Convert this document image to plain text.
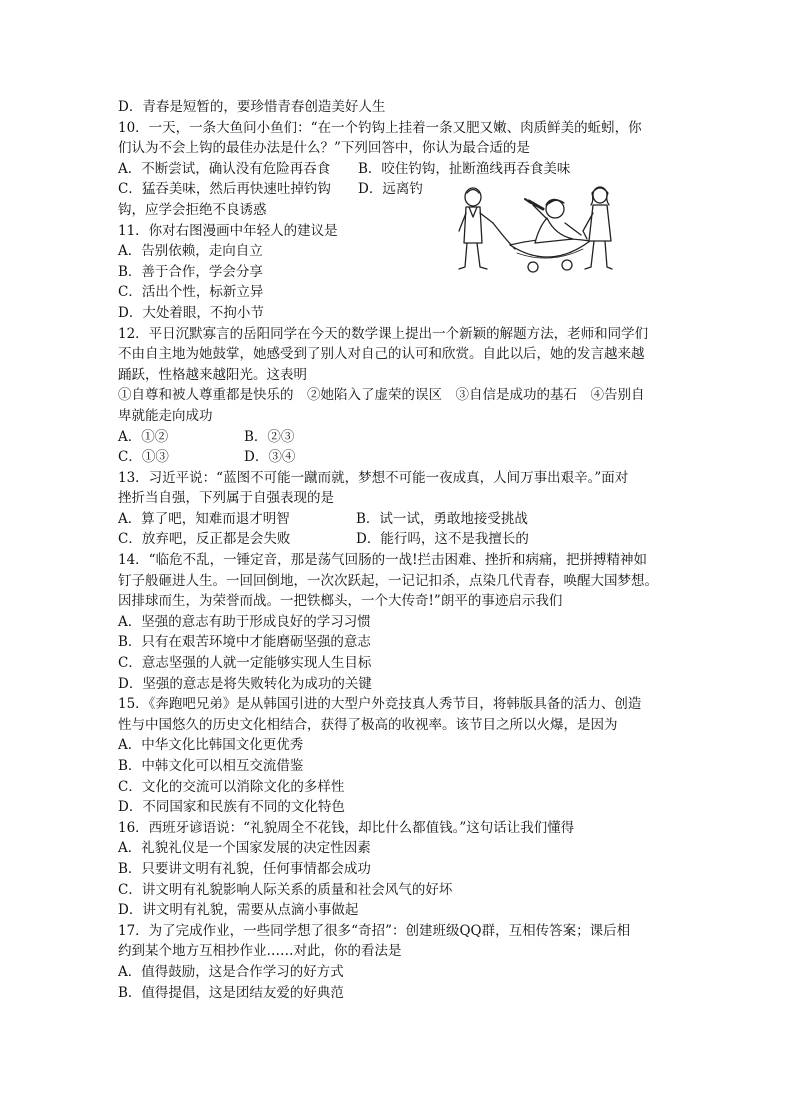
D．青春是短暂的，要珍惜青春创造美好人生
10．一天，一条大鱼问小鱼们：“在一个钓钩上挂着一条又肥又嫩、肉质鲜美的蚯蚓，你
们认为不会上钩的最佳办法是什么？”下列回答中，你认为最合适的是
A．不断尝试，确认没有危险再吞食	B．咬住钓钩，扯断渔线再吞食美味
C．猛吞美味，然后再快速吐掉钓钩	D．远离钓
钩，应学会拒绝不良诱惑
11．你对右图漫画中年轻人的建议是
A．告别依赖，走向自立
B．善于合作，学会分享
C．活出个性，标新立异
D．大处着眼，不拘小节
12．平日沉默寡言的岳阳同学在今天的数学课上提出一个新颖的解题方法，老师和同学们
不由自主地为她鼓掌，她感受到了别人对自己的认可和欣赏。自此以后，她的发言越来越
踊跃，性格越来越阳光。这表明
①自尊和被人尊重都是快乐的　②她陷入了虚荣的误区　③自信是成功的基石　④告别自
卑就能走向成功
A．①②	B．②③
C．①③	D．③④
13．习近平说：“蓝图不可能一蹴而就，梦想不可能一夜成真，人间万事出艰辛。”面对
挫折当自强，下列属于自强表现的是
A．算了吧，知难而退才明智	B．试一试，勇敢地接受挑战
C．放弃吧，反正都是会失败	D．能行吗，这不是我擅长的
14．“临危不乱，一锤定音，那是荡气回肠的一战!拦击困难、挫折和病痛，把拼搏精神如
钉子般砸进人生。一回回倒地，一次次跃起，一记记扣杀，点染几代青春，唤醒大国梦想。
因排球而生，为荣誉而战。一把铁榔头，一个大传奇!”朗平的事迹启示我们
A．坚强的意志有助于形成良好的学习习惯
B．只有在艰苦环境中才能磨砺坚强的意志
C．意志坚强的人就一定能够实现人生目标
D．坚强的意志是将失败转化为成功的关键
15．《奔跑吧兄弟》是从韩国引进的大型户外竞技真人秀节目，将韩版具备的活力、创造
性与中国悠久的历史文化相结合，获得了极高的收视率。该节目之所以火爆，是因为
A．中华文化比韩国文化更优秀
B．中韩文化可以相互交流借鉴
C．文化的交流可以消除文化的多样性
D．不同国家和民族有不同的文化特色
16．西班牙谚语说：“礼貌周全不花钱，却比什么都值钱。”这句话让我们懂得
A．礼貌礼仪是一个国家发展的决定性因素
B．只要讲文明有礼貌，任何事情都会成功
C．讲文明有礼貌影响人际关系的质量和社会风气的好坏
D．讲文明有礼貌，需要从点滴小事做起
17．为了完成作业，一些同学想了很多“奇招”：创建班级QQ群，互相传答案；课后相
约到某个地方互相抄作业……对此，你的看法是
A．值得鼓励，这是合作学习的好方式
B．值得提倡，这是团结友爱的好典范
